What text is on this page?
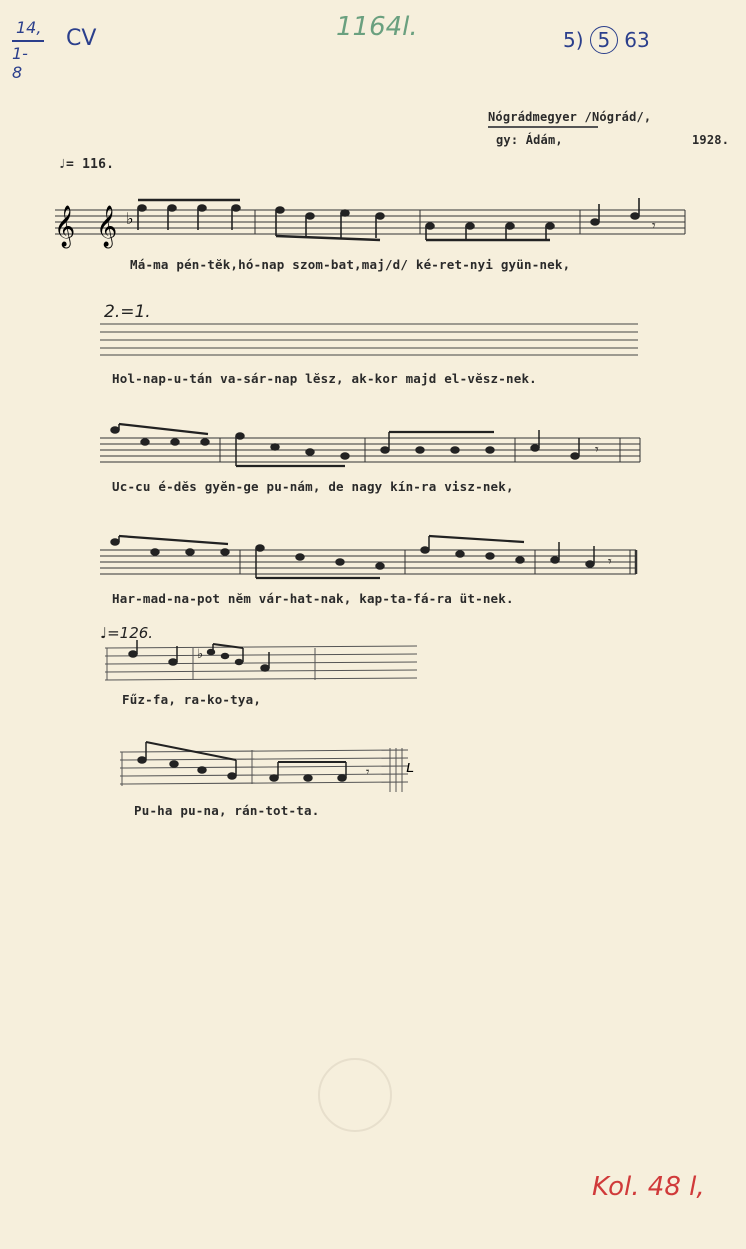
14,
1-8
CV	1164l.	5) 5 63
Nógrádmegyer /Nógrád/,
gy: Ádám,	1928.
♩= 116.
𝄞 𝄞 ♭	𝄾
Má-ma pén-tĕk,hó-nap szom-bat,maj/d/ ké-ret-nyi gyün-nek,
2.=1.
Hol-nap-u-tán va-sár-nap lĕsz, ak-kor majd el-vĕsz-nek.
𝄾
Uc-cu é-dĕs gyĕn-ge pu-nám, de nagy kín-ra visz-nek,
𝄾
Har-mad-na-pot nĕm vár-hat-nak, kap-ta-fá-ra üt-nek.
♩=126.
♭
Fűz-fa, ra-ko-tya,
𝄾 ʟ
Pu-ha pu-na, rán-tot-ta.
Kol. 48 l,
